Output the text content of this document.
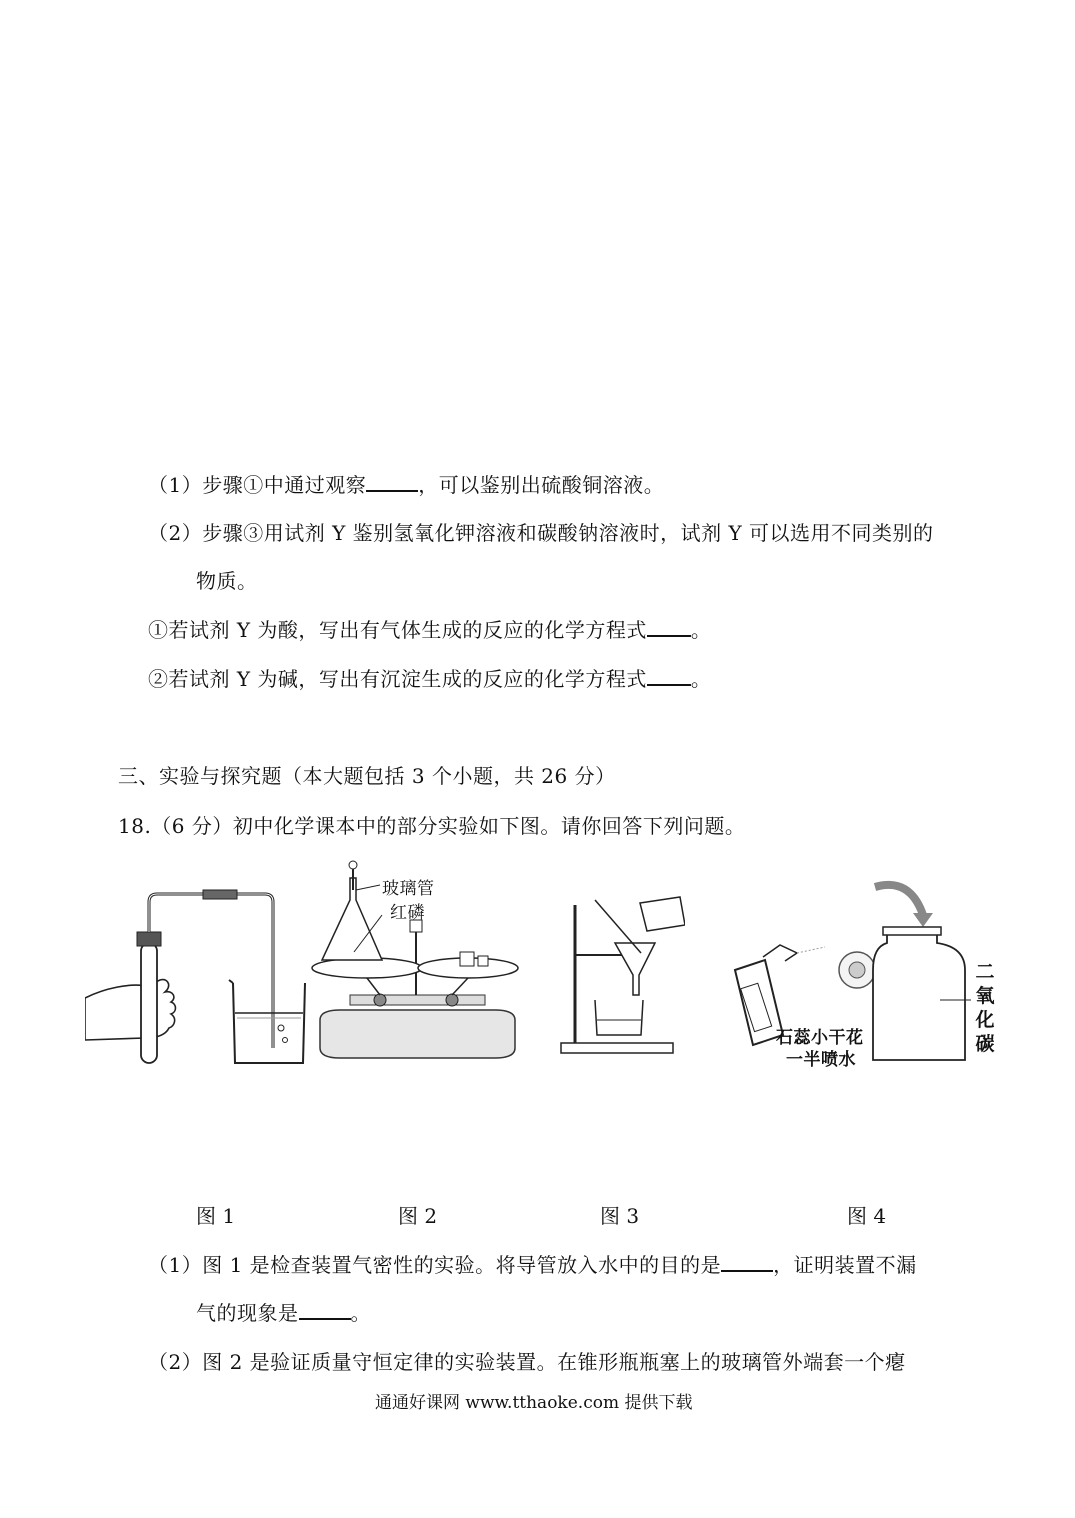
（1）步骤①中通过观察	，可以鉴别出硫酸铜溶液。
（2）步骤③用试剂 Y 鉴别氢氧化钾溶液和碳酸钠溶液时，试剂 Y 可以选用不同类别的
物质。
①若试剂 Y 为酸，写出有气体生成的反应的化学方程式 。
②若试剂 Y 为碱，写出有沉淀生成的反应的化学方程式 。
三、实验与探究题（本大题包括 3 个小题，共 26 分）
18.（6 分）初中化学课本中的部分实验如下图。请你回答下列问题。
玻璃管
红磷
石蕊小干花
一半喷水
二
氧
化
碳
图 1	图 2	图 3	图 4
（1）图 1 是检查装置气密性的实验。将导管放入水中的目的是	，证明装置不漏
气的现象是	。
（2）图 2 是验证质量守恒定律的实验装置。在锥形瓶瓶塞上的玻璃管外端套一个瘪
通通好课网 www.tthaoke.com 提供下载
